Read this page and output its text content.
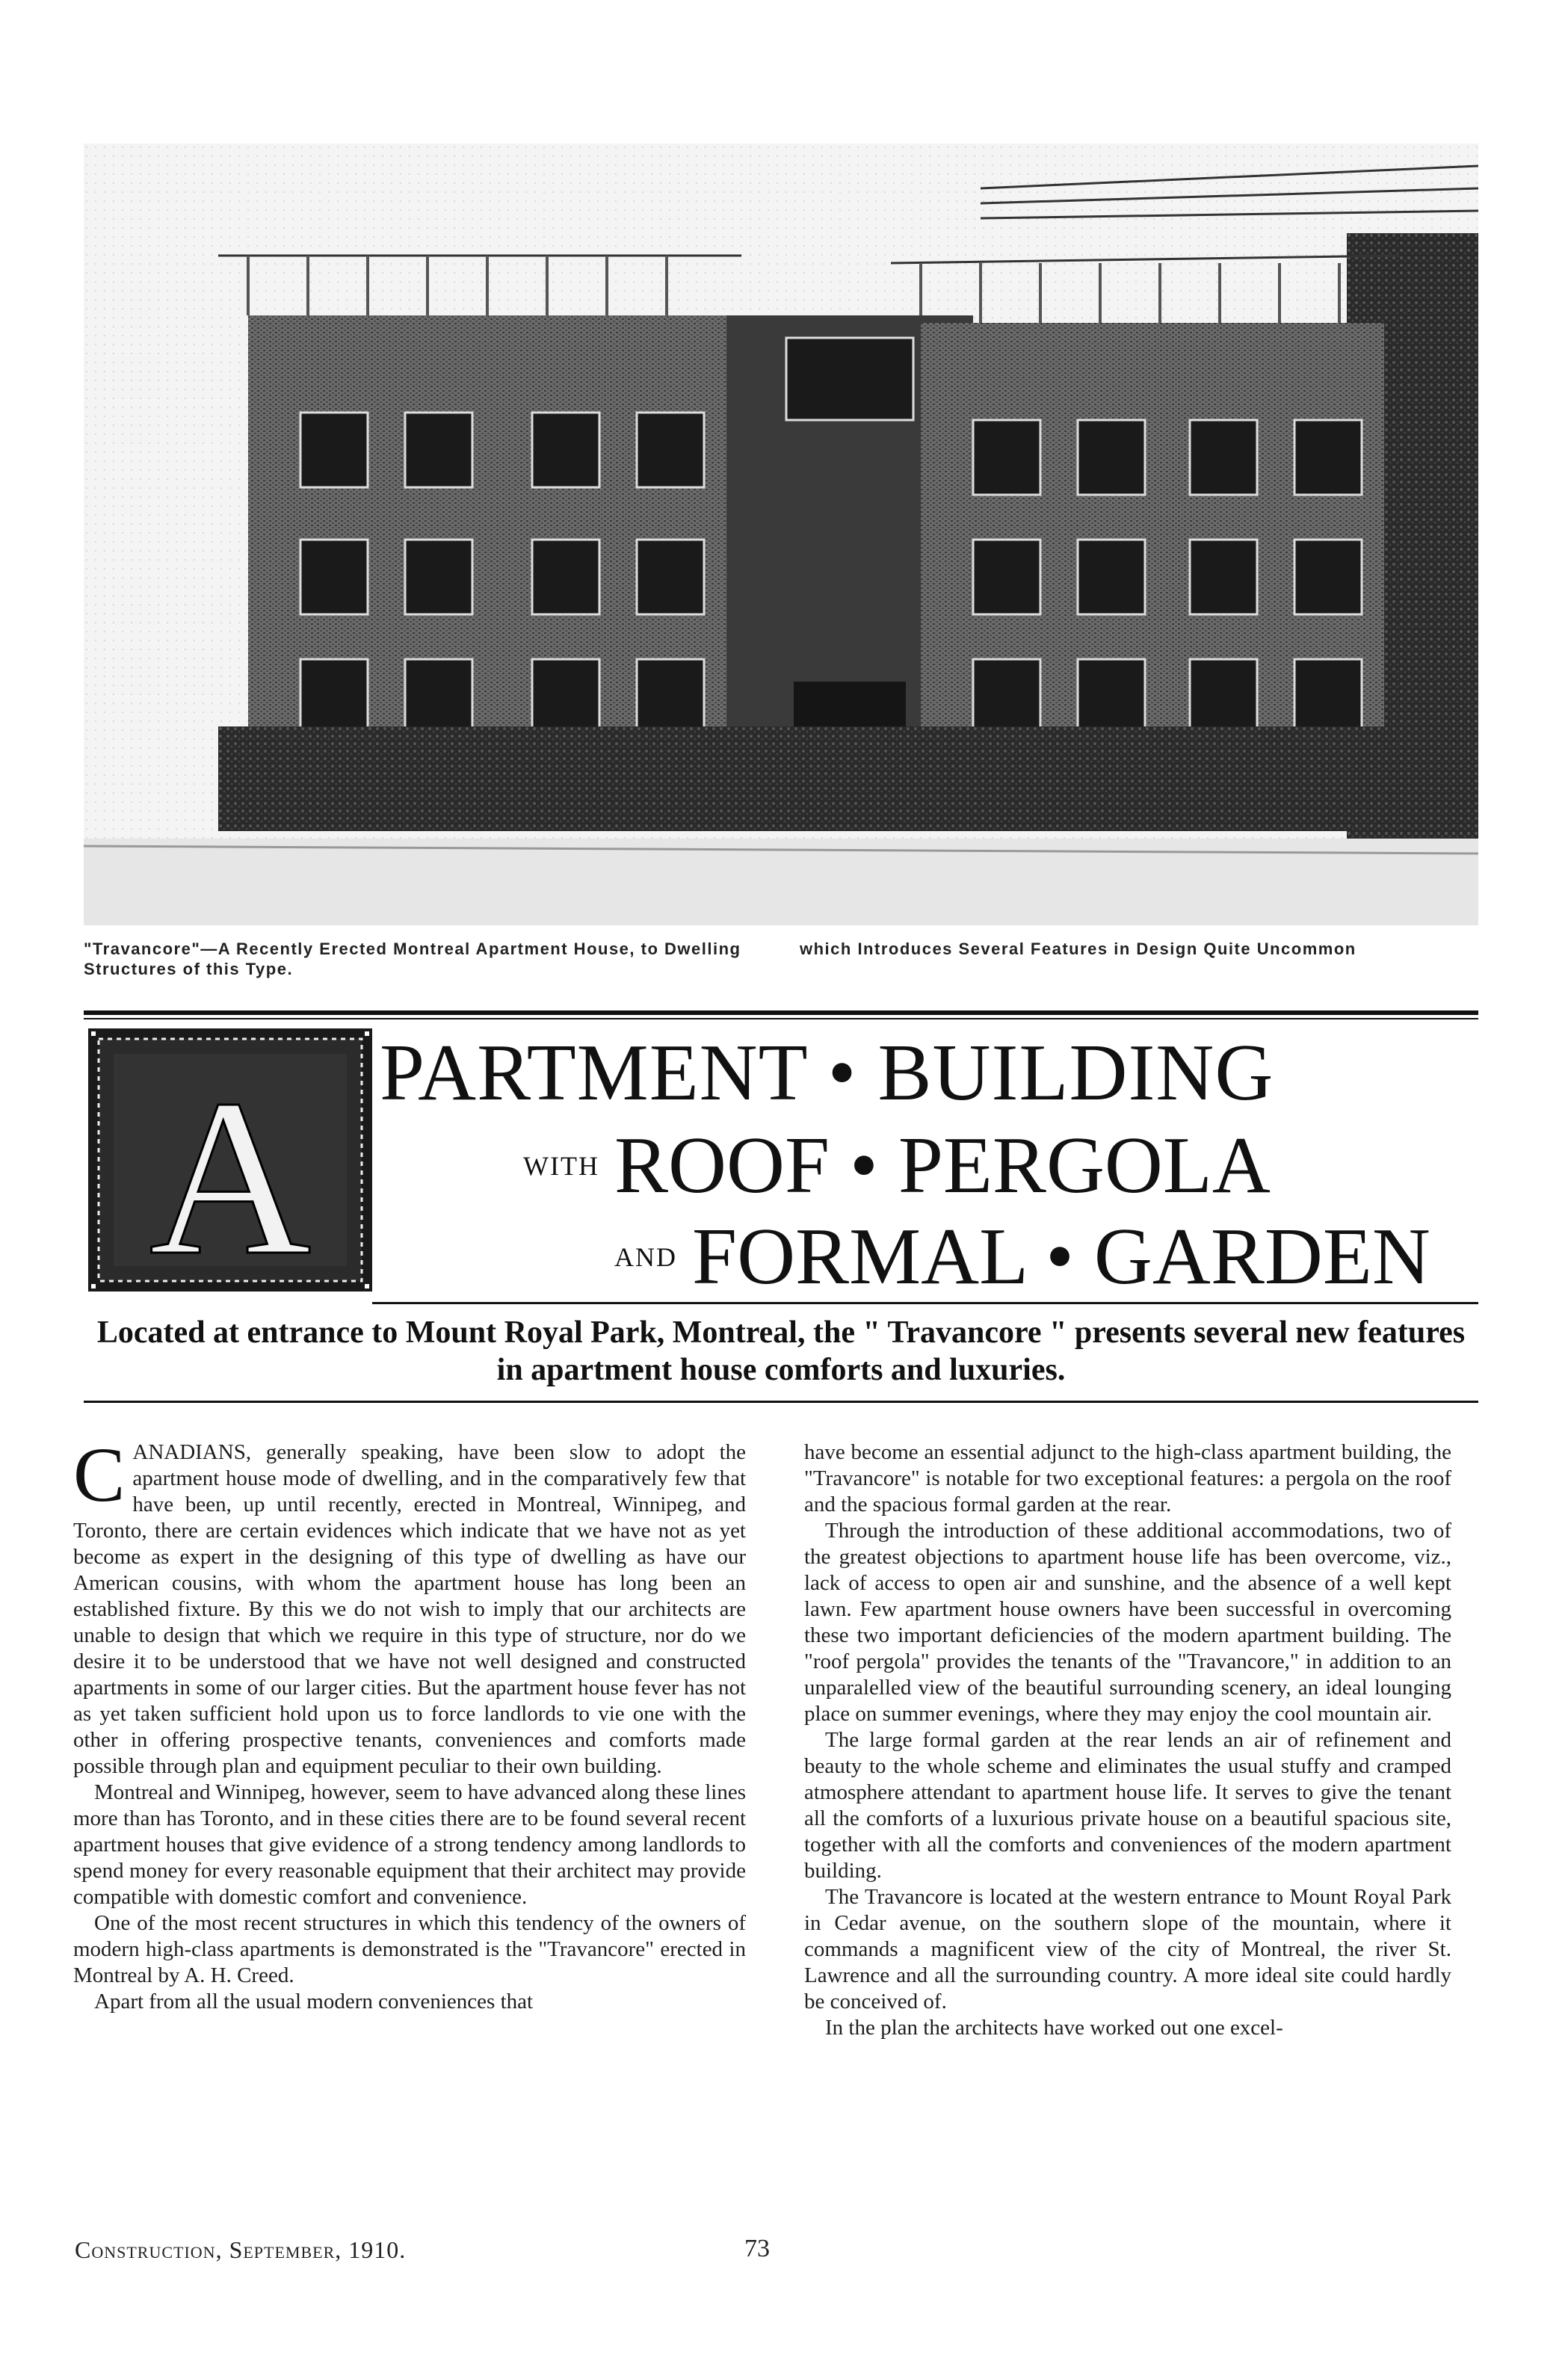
"Travancore"—A Recently Erected Montreal Apartment House, to Dwelling Structures of this Type.
which Introduces Several Features in Design Quite Uncommon
A PARTMENT • BUILDING
WITH ROOF • PERGOLA
AND FORMAL • GARDEN
Located at entrance to Mount Royal Park, Montreal, the " Travancore " presents several new features in apartment house comforts and luxuries.

CANADIANS, generally speaking, have been slow to adopt the apartment house mode of dwelling, and in the comparatively few that have been, up until recently, erected in Montreal, Winnipeg, and Toronto, there are certain evidences which indicate that we have not as yet become as expert in the designing of this type of dwelling as have our American cousins, with whom the apartment house has long been an established fixture. By this we do not wish to imply that our architects are unable to design that which we require in this type of structure, nor do we desire it to be understood that we have not well designed and constructed apartments in some of our larger cities. But the apartment house fever has not as yet taken sufficient hold upon us to force landlords to vie one with the other in offering prospective tenants, conveniences and comforts made possible through plan and equipment peculiar to their own building.

Montreal and Winnipeg, however, seem to have advanced along these lines more than has Toronto, and in these cities there are to be found several recent apartment houses that give evidence of a strong tendency among landlords to spend money for every reasonable equipment that their architect may provide compatible with domestic comfort and convenience.

One of the most recent structures in which this tendency of the owners of modern high-class apartments is demonstrated is the "Travancore" erected in Montreal by A. H. Creed.

Apart from all the usual modern conveniences that

have become an essential adjunct to the high-class apartment building, the "Travancore" is notable for two exceptional features: a pergola on the roof and the spacious formal garden at the rear.

Through the introduction of these additional accommodations, two of the greatest objections to apartment house life has been overcome, viz., lack of access to open air and sunshine, and the absence of a well kept lawn. Few apartment house owners have been successful in overcoming these two important deficiencies of the modern apartment building. The "roof pergola" provides the tenants of the "Travancore," in addition to an unparalelled view of the beautiful surrounding scenery, an ideal lounging place on summer evenings, where they may enjoy the cool mountain air.

The large formal garden at the rear lends an air of refinement and beauty to the whole scheme and eliminates the usual stuffy and cramped atmosphere attendant to apartment house life. It serves to give the tenant all the comforts of a luxurious private house on a beautiful spacious site, together with all the comforts and conveniences of the modern apartment building.

The Travancore is located at the western entrance to Mount Royal Park in Cedar avenue, on the southern slope of the mountain, where it commands a magnificent view of the city of Montreal, the river St. Lawrence and all the surrounding country. A more ideal site could hardly be conceived of.

In the plan the architects have worked out one excel-

Construction, September, 1910.	73
